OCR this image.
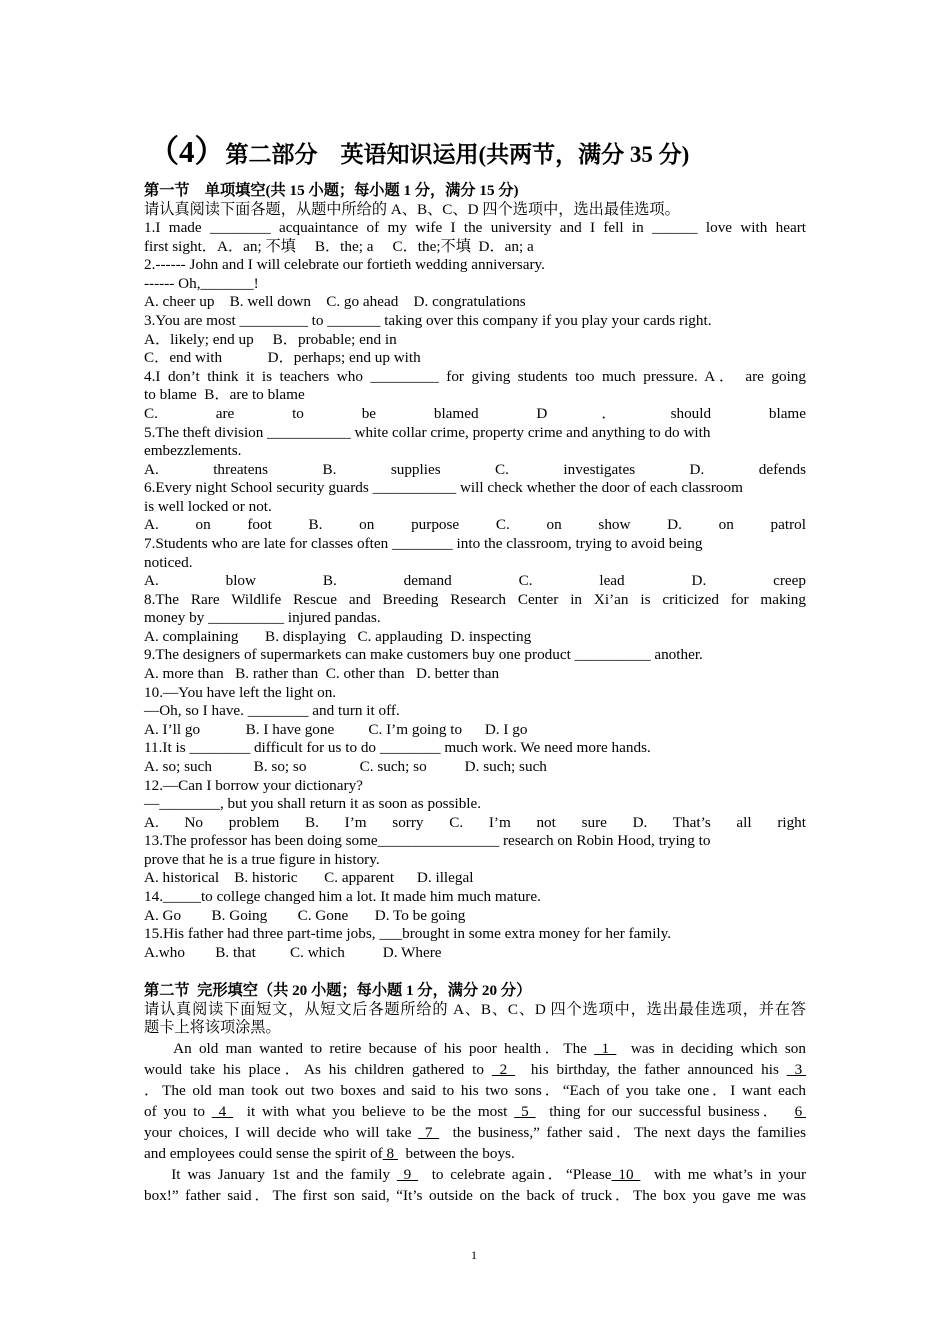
（4）第二部分　英语知识运用(共两节，满分 35 分)
第一节　单项填空(共 15 小题；每小题 1 分，满分 15 分)
请认真阅读下面各题，从题中所给的 A、B、C、D 四个选项中，选出最佳选项。
1.I made ________ acquaintance of my wife I the university and I fell in ______ love with heart
first sight．A．an; 不填     B．the; a     C．the;不填  D．an; a
2.------ John and I will celebrate our fortieth wedding anniversary.
------ Oh,_______!
A. cheer up    B. well down    C. go ahead    D. congratulations
3.You are most _________ to _______ taking over this company if you play your cards right.
A．likely; end up     B．probable; end in
C．end with            D．perhaps; end up with
4.I don’t think it is teachers who _________ for giving students too much pressure. A． are going
to blame  B．are to blame
C. are to be blamed D．should blame
5.The theft division ___________ white collar crime, property crime and anything to do with
embezzlements.
A. threatens B. supplies C. investigates D. defends
6.Every night School security guards ___________ will check whether the door of each classroom
is well locked or not.
A. on foot B. on purpose C. on show D. on patrol
7.Students who are late for classes often ________ into the classroom, trying to avoid being
noticed.
A. blow B. demand C. lead D. creep
8.The Rare Wildlife Rescue and Breeding Research Center in Xi’an is criticized for making
money by __________ injured pandas.
A. complaining       B. displaying   C. applauding  D. inspecting
9.The designers of supermarkets can make customers buy one product __________ another.
A. more than   B. rather than  C. other than   D. better than
10.—You have left the light on.
—Oh, so I have. ________ and turn it off.
A. I’ll go            B. I have gone         C. I’m going to      D. I go
11.It is ________ difficult for us to do ________ much work. We need more hands.
A. so; such           B. so; so              C. such; so          D. such; such
12.—Can I borrow your dictionary?
—________, but you shall return it as soon as possible.
A. No problem B. I’m sorry C. I’m not sure D. That’s all right
13.The professor has been doing some________________ research on Robin Hood, trying to
prove that he is a true figure in history.
A. historical    B. historic       C. apparent      D. illegal
14._____to college changed him a lot. It made him much mature.
A. Go        B. Going        C. Gone       D. To be going
15.His father had three part-time jobs, ___brought in some extra money for her family.
A.who        B. that         C. which          D. Where
第二节  完形填空（共 20 小题；每小题 1 分，满分 20 分）
请认真阅读下面短文，从短文后各题所给的 A、B、C、D 四个选项中，选出最佳选项，并在答
题卡上将该项涂黑。
An old man wanted to retire because of his poor health．The  1   was in deciding which son
would take his place．As his children gathered to  2   his birthday, the father announced his  3
．The old man took out two boxes and said to his two sons．“Each of you take one．I want each
of you to  4   it with what you believe to be the most  5   thing for our successful business．  6
your choices, I will decide who will take  7   the business,” father said．The next days the families
and employees could sense the spirit of 8   between the boys.
It was January 1st and the family  9   to celebrate again．“Please 10   with me what’s in your
box!” father said．The first son said, “It’s outside on the back of truck．The box you gave me was
1
